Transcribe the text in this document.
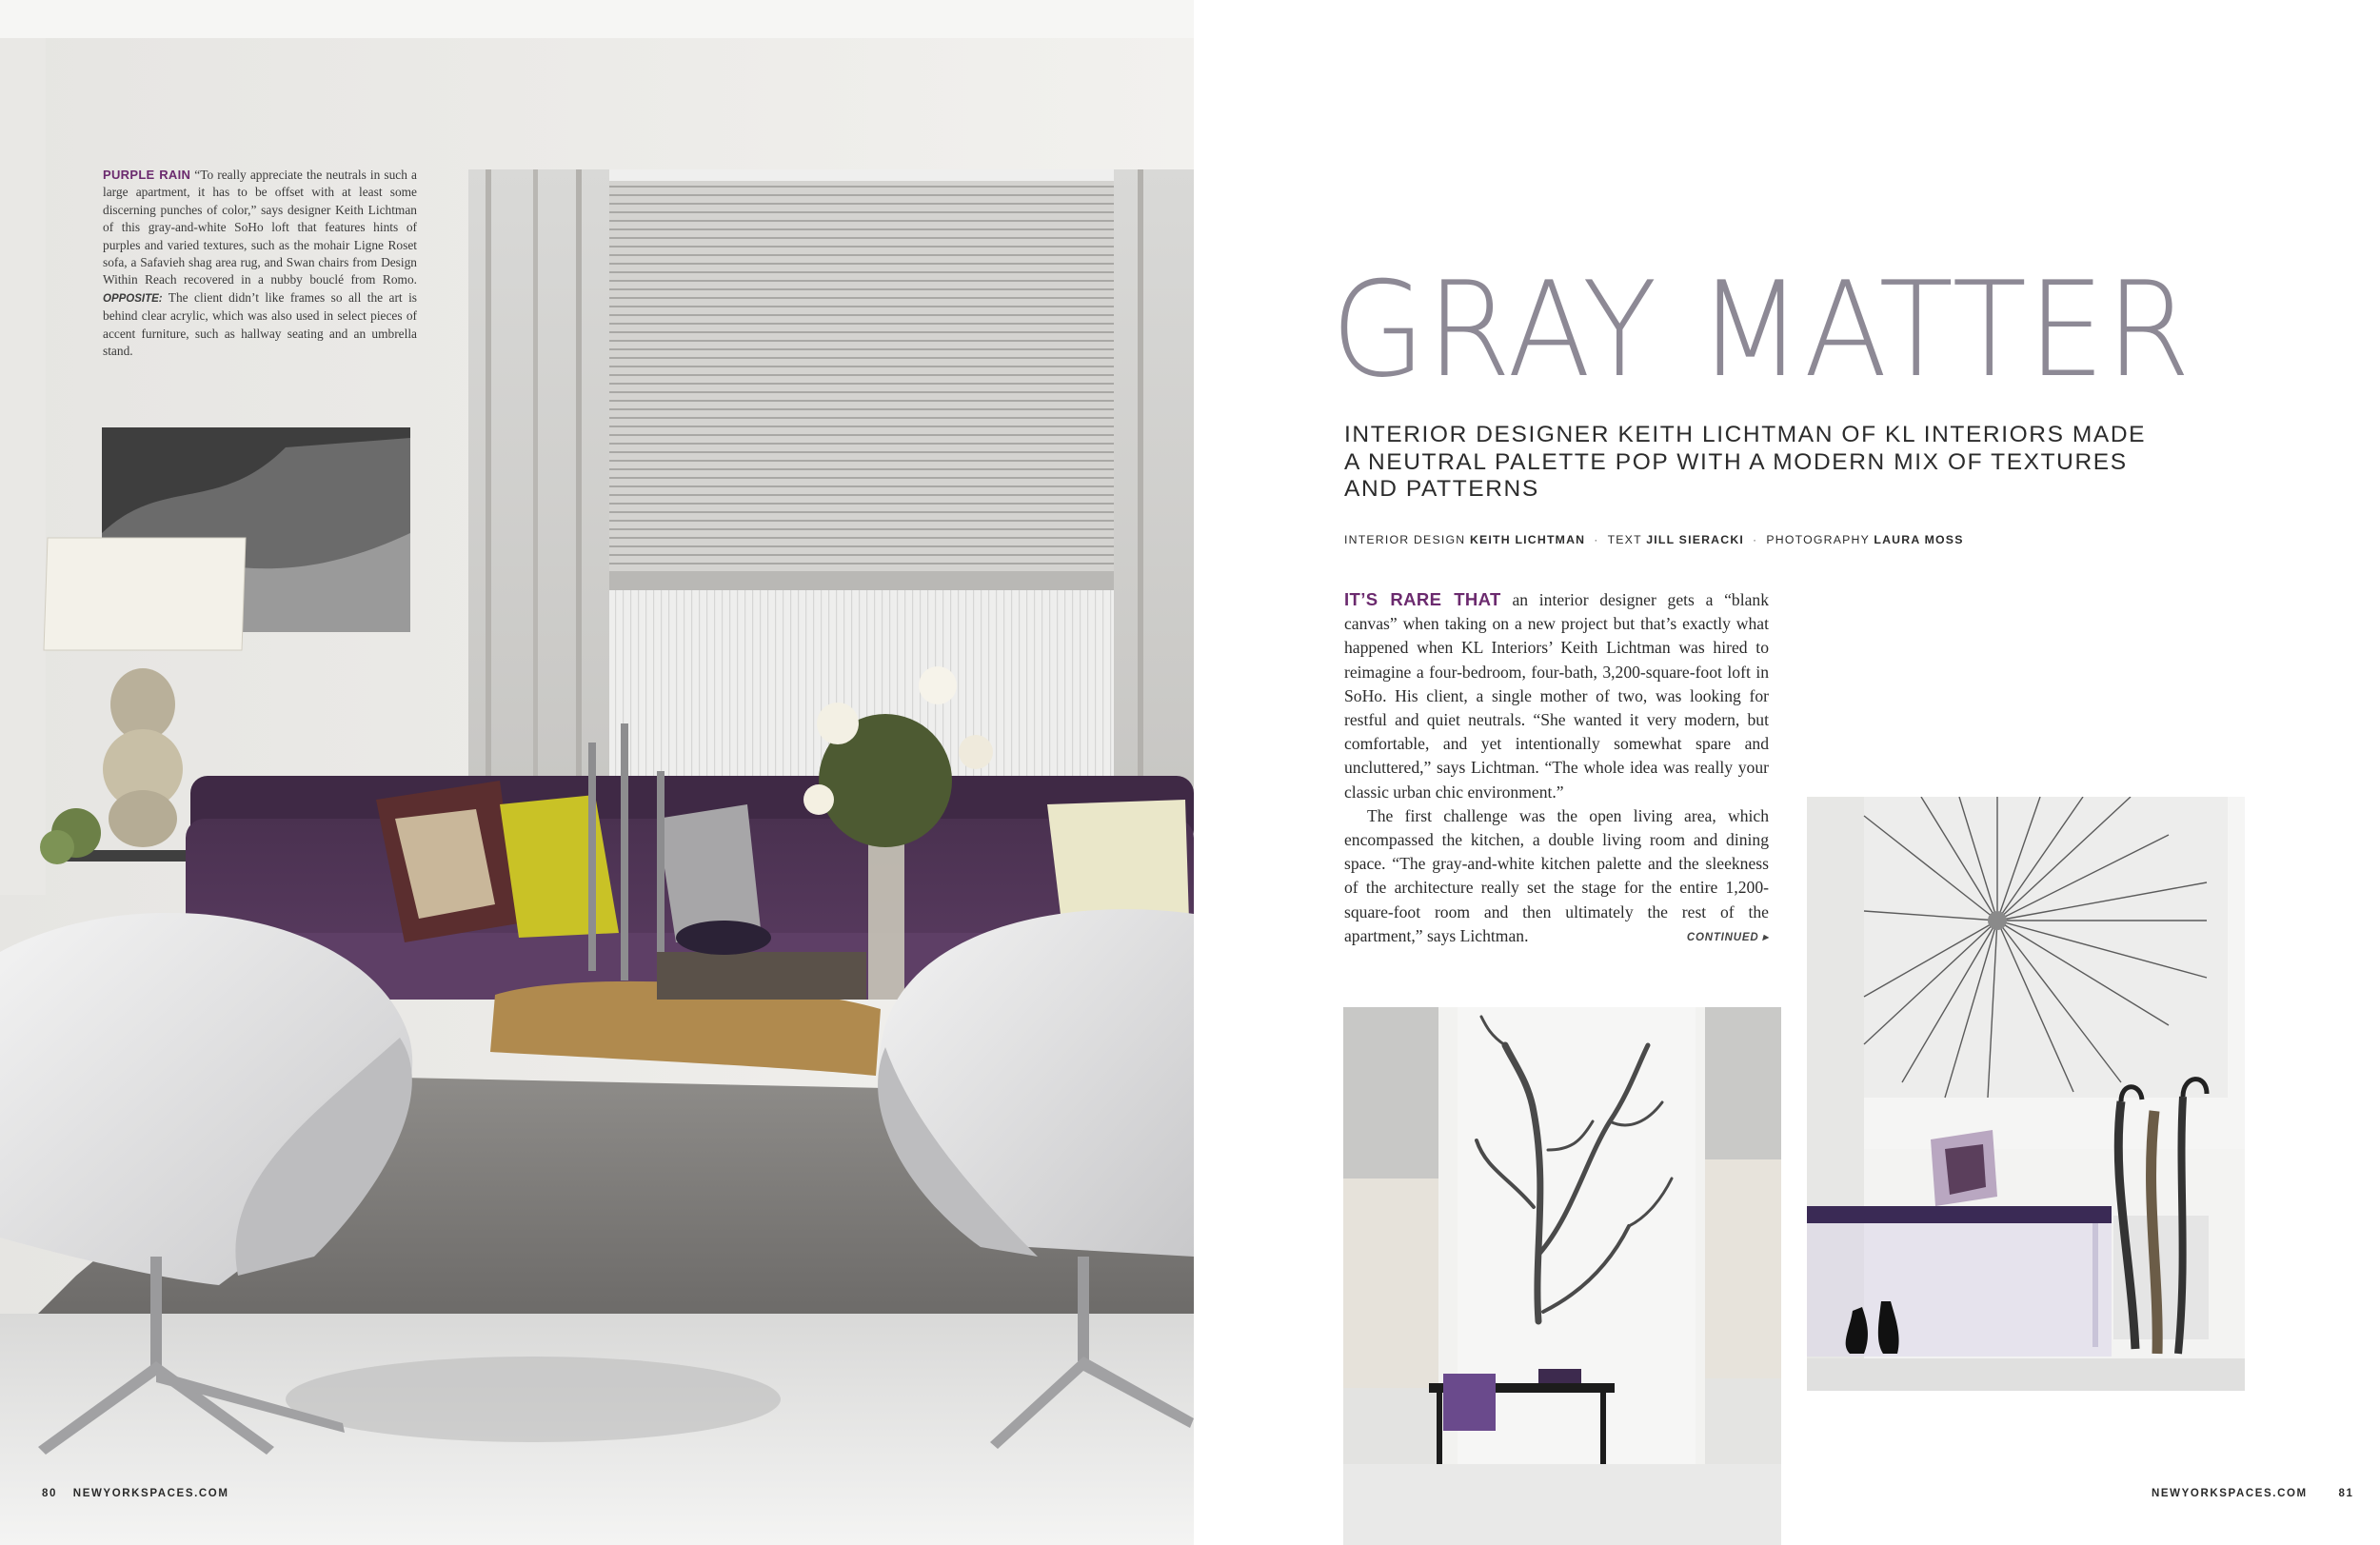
PURPLE RAIN “To really appreciate the neutrals in such a large apartment, it has to be offset with at least some discerning punches of color,” says designer Keith Lichtman of this gray-and-white SoHo loft that features hints of purples and varied textures, such as the mohair Ligne Roset sofa, a Safavieh shag area rug, and Swan chairs from Design Within Reach recovered in a nubby bouclé from Romo. OPPOSITE: The client didn’t like frames so all the art is behind clear acrylic, which was also used in select pieces of accent furniture, such as hallway seating and an umbrella stand.
80 NEWYORKSPACES.COM
GRAY MATTER
INTERIOR DESIGNER KEITH LICHTMAN OF KL INTERIORS MADE A NEUTRAL PALETTE POP WITH A MODERN MIX OF TEXTURES AND PATTERNS
INTERIOR DESIGN KEITH LICHTMAN · TEXT JILL SIERACKI · PHOTOGRAPHY LAURA MOSS

IT’S RARE THAT an interior designer gets a “blank canvas” when taking on a new project but that’s exactly what happened when KL Interiors’ Keith Lichtman was hired to reimagine a four-bedroom, four-bath, 3,200-square-foot loft in SoHo. His client, a single mother of two, was looking for restful and quiet neutrals. “She wanted it very modern, but comfortable, and yet intentionally somewhat spare and uncluttered,” says Lichtman. “The whole idea was really your classic urban chic environment.”

The first challenge was the open living area, which encompassed the kitchen, a double living room and dining space. “The gray-and-white kitchen palette and the sleekness of the architecture really set the stage for the entire 1,200-square-foot room and then ultimately the rest of the apartment,” says Lichtman.	CONTINUED ▸

NEWYORKSPACES.COM	81
